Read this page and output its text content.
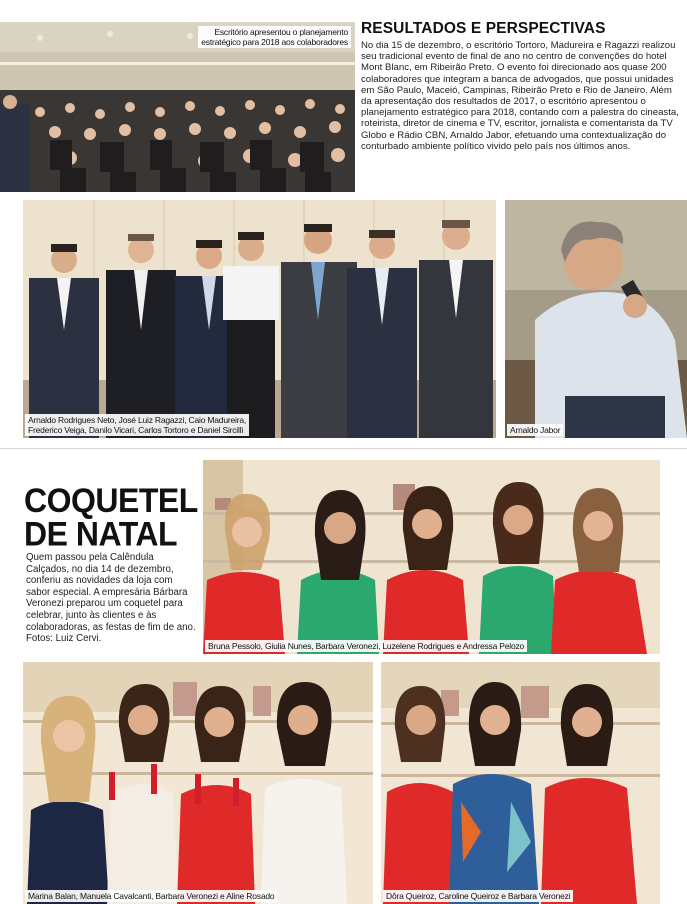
Escritório apresentou o planejamento
estratégico para 2018 aos colaboradores
RESULTADOS E PERSPECTIVAS

No dia 15 de dezembro, o escritório Tortoro, Madureira e Ragazzi realizou seu tradicional evento de final de ano no centro de convenções do hotel Mont Blanc, em Ribeirão Preto. O evento foi direcionado aos quase 200 colaboradores que integram a banca de advogados, que possui unidades em São Paulo, Maceió, Campinas, Ribeirão Preto e Rio de Janeiro. Além da apresentação dos resultados de 2017, o escritório apresentou o planejamento estratégico para 2018, contando com a palestra do cineasta, roteirista, diretor de cinema e TV, escritor, jornalista e comentarista da TV Globo e Rádio CBN, Arnaldo Jabor, efetuando uma contextualização do conturbado ambiente político vivido pelo país nos últimos anos.

Arnaldo Rodrigues Neto, José Luiz Ragazzi, Caio Madureira,
Frederico Veiga, Danilo Vicari, Carlos Tortoro e Daniel Sircilli	Arnaldo Jabor
COQUETEL
DE NATAL

Quem passou pela Calêndula Calçados, no dia 14 de dezembro, conferiu as novidades da loja com sabor especial. A empresária Bárbara Veronezi preparou um coquetel para celebrar, junto às clientes e às colaboradoras, as festas de fim de ano. Fotos: Luiz Cervi.

Bruna Pessolo, Giulia Nunes, Barbara Veronezi, Luzelene Rodrigues e Andressa Pelozo
Marina Balan, Manuela Cavalcanti, Barbara Veronezi e Aline Rosado	Dôra Queiroz, Caroline Queiroz e Barbara Veronezi
